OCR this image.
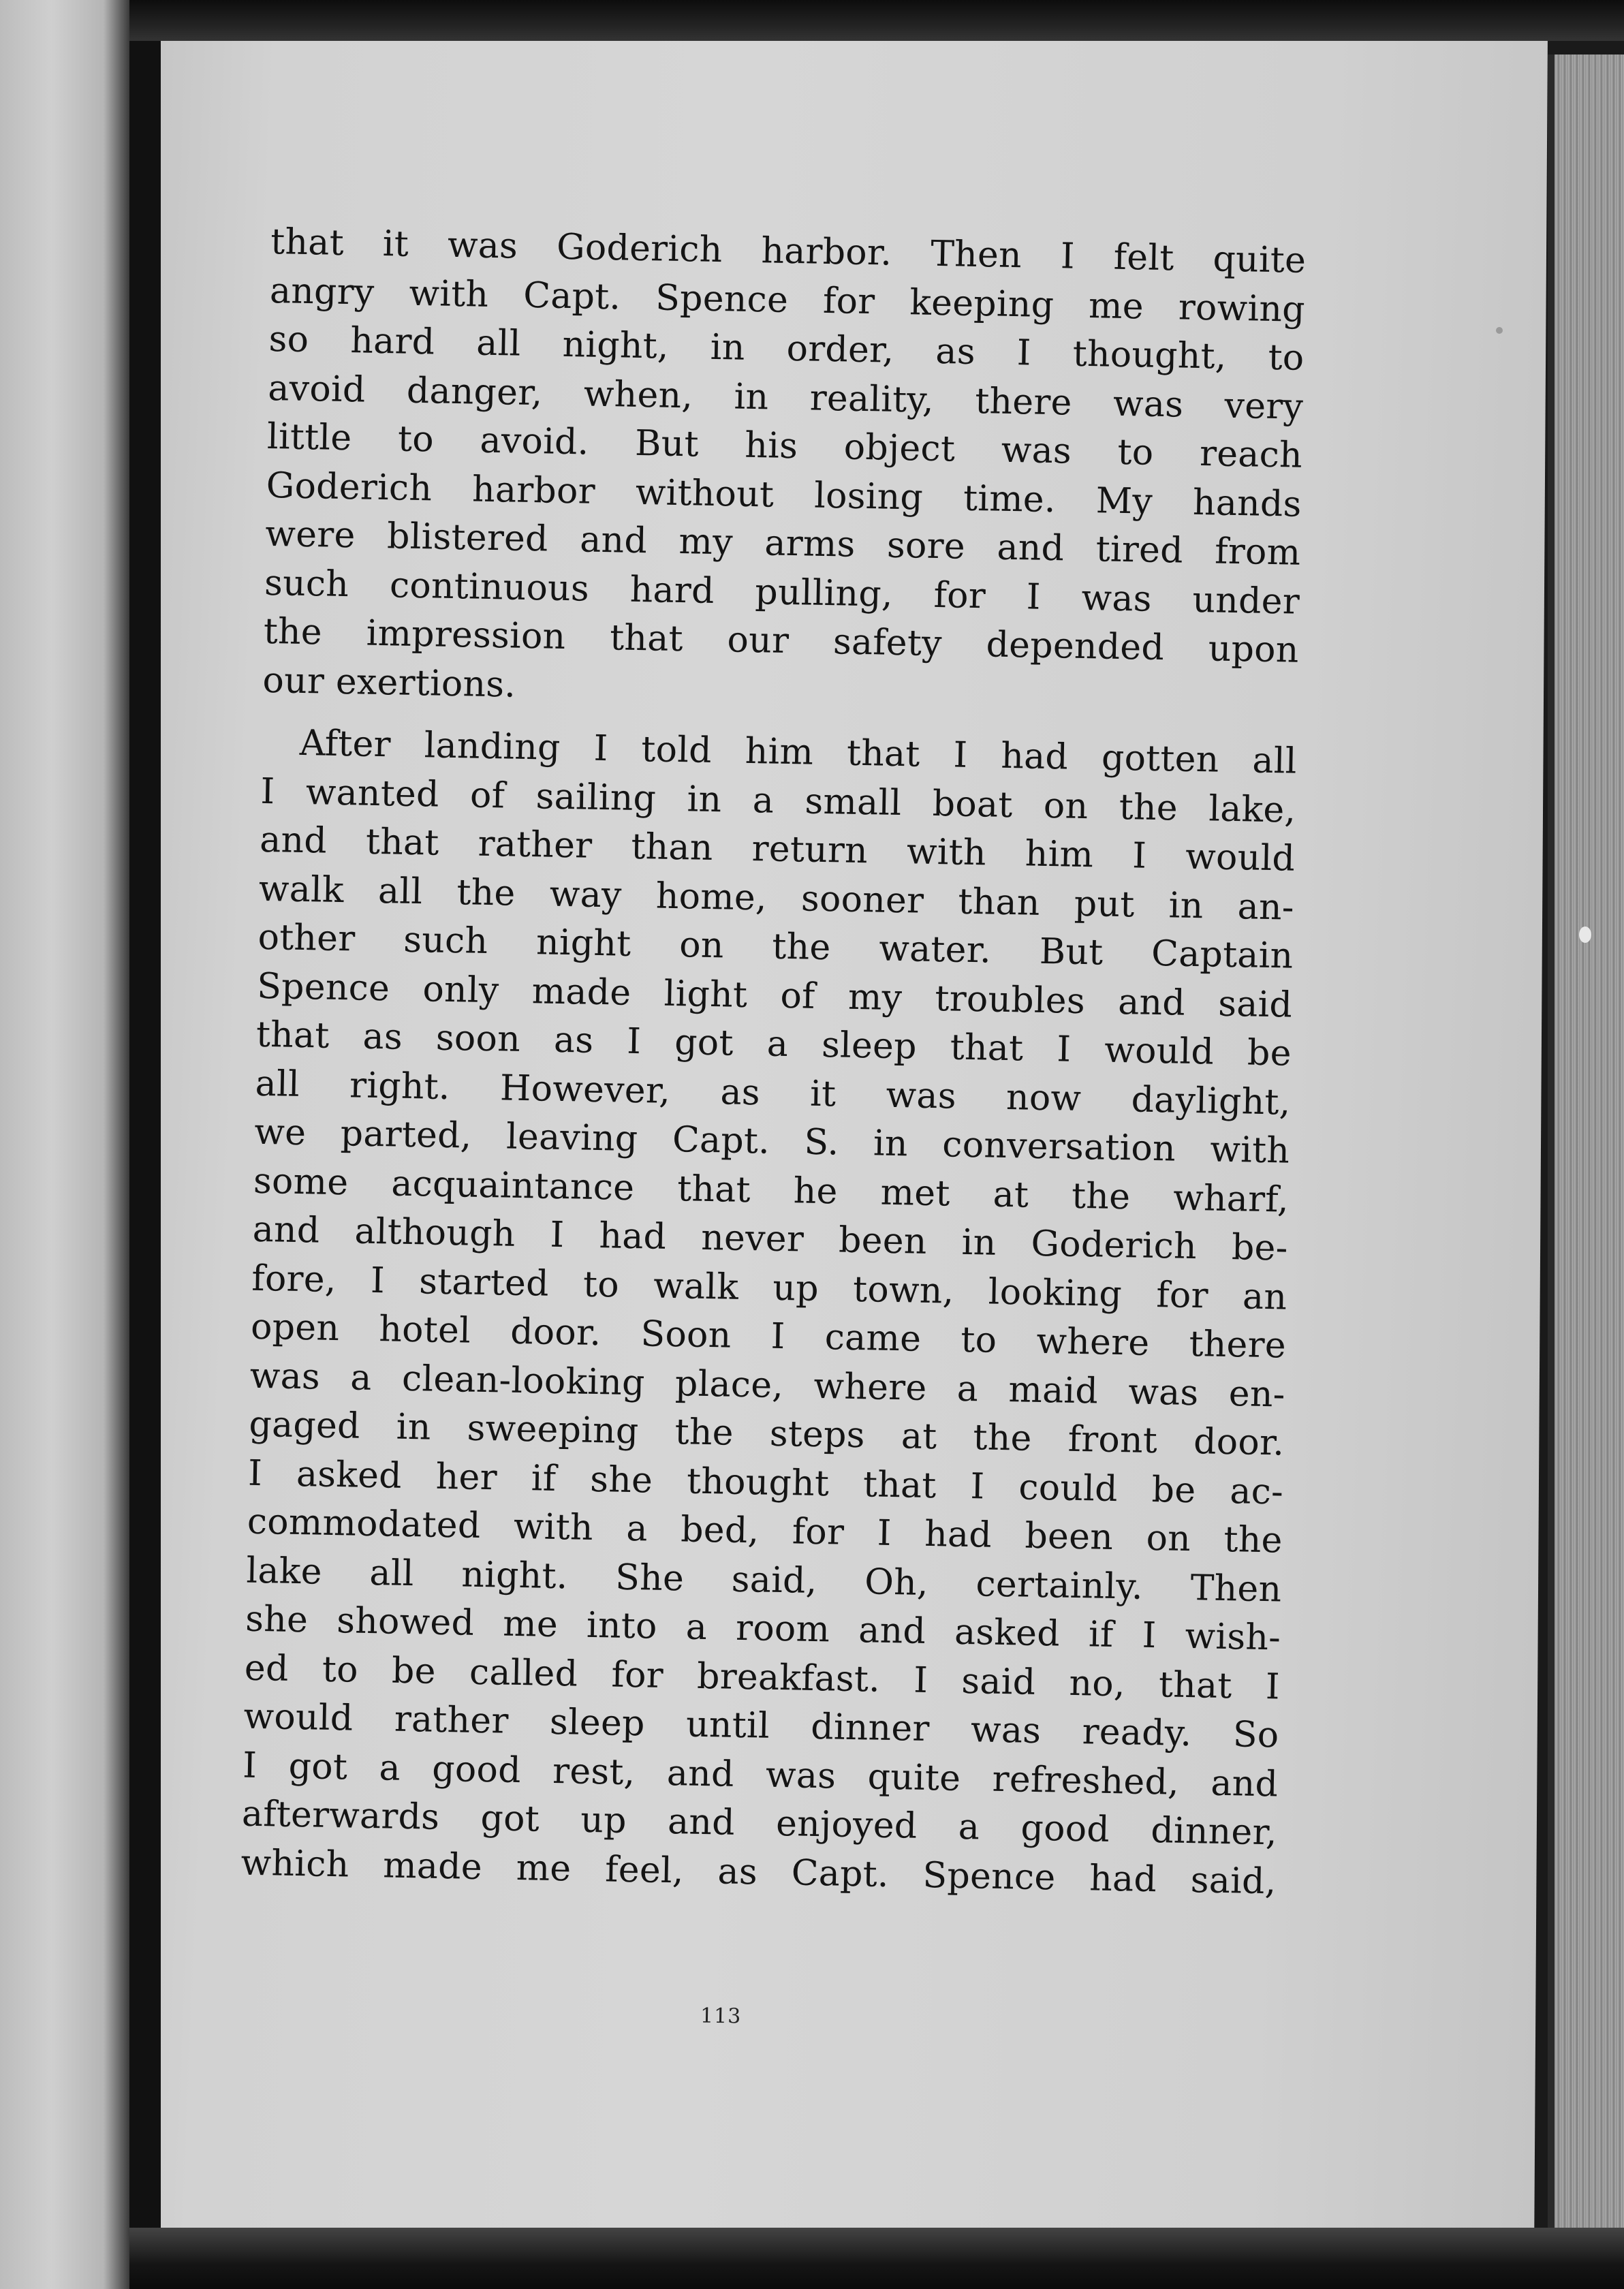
that it was Goderich harbor. Then I felt quite
angry with Capt. Spence for keeping me rowing
so hard all night, in order, as I thought, to
avoid danger, when, in reality, there was very
little to avoid. But his object was to reach
Goderich harbor without losing time. My hands
were blistered and my arms sore and tired from
such continuous hard pulling, for I was under
the impression that our safety depended upon
our exertions.
After landing I told him that I had gotten all
I wanted of sailing in a small boat on the lake,
and that rather than return with him I would
walk all the way home, sooner than put in an-
other such night on the water. But Captain
Spence only made light of my troubles and said
that as soon as I got a sleep that I would be
all right. However, as it was now daylight,
we parted, leaving Capt. S. in conversation with
some acquaintance that he met at the wharf,
and although I had never been in Goderich be-
fore, I started to walk up town, looking for an
open hotel door. Soon I came to where there
was a clean-looking place, where a maid was en-
gaged in sweeping the steps at the front door.
I asked her if she thought that I could be ac-
commodated with a bed, for I had been on the
lake all night. She said, Oh, certainly. Then
she showed me into a room and asked if I wish-
ed to be called for breakfast. I said no, that I
would rather sleep until dinner was ready. So
I got a good rest, and was quite refreshed, and
afterwards got up and enjoyed a good dinner,
which made me feel, as Capt. Spence had said,
113
